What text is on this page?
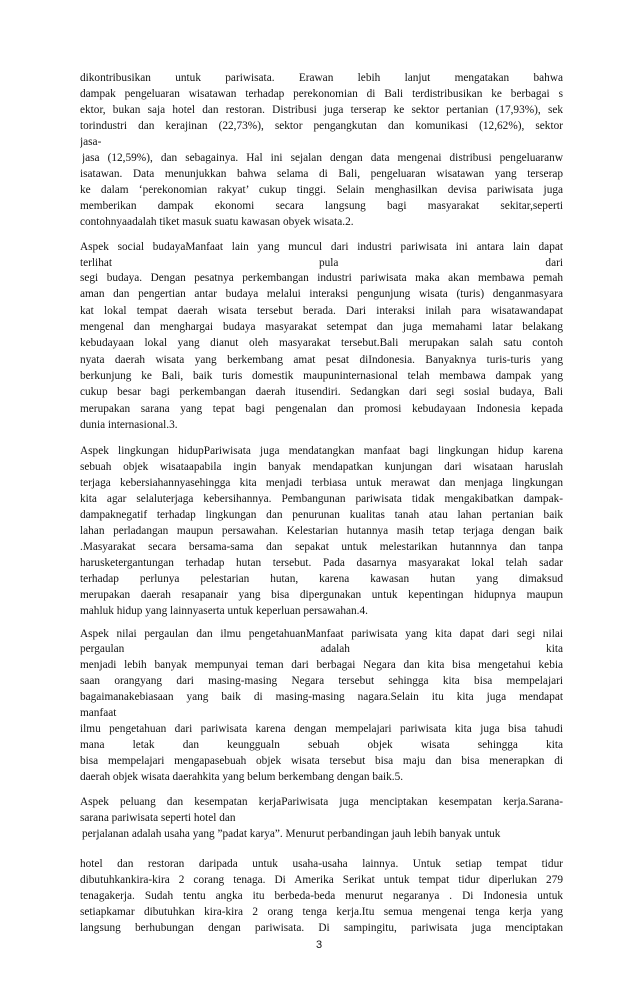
dikontribusikan untuk pariwisata. Erawan lebih lanjut mengatakan bahwa
dampak pengeluaran wisatawan terhadap perekonomian di Bali terdistribusikan ke berbagai s
ektor, bukan saja hotel dan restoran. Distribusi juga terserap ke sektor pertanian (17,93%), sek
torindustri dan kerajinan (22,73%), sektor pengangkutan dan komunikasi (12,62%), sektor
jasa-
jasa (12,59%), dan sebagainya. Hal ini sejalan dengan data mengenai distribusi pengeluaranw
isatawan. Data menunjukkan bahwa selama di Bali, pengeluaran wisatawan yang terserap
ke dalam ‘perekonomian rakyat’ cukup tinggi. Selain menghasilkan devisa pariwisata juga
memberikan dampak ekonomi secara langsung bagi masyarakat sekitar,seperti
contohnyaadalah tiket masuk suatu kawasan obyek wisata.2.
Aspek social budayaManfaat lain yang muncul dari industri pariwisata ini antara lain dapat
terlihat pula dari
segi budaya. Dengan pesatnya perkembangan industri pariwisata maka akan membawa pemah
aman dan pengertian antar budaya melalui interaksi pengunjung wisata (turis) denganmasyara
kat lokal tempat daerah wisata tersebut berada. Dari interaksi inilah para wisatawandapat
mengenal dan menghargai budaya masyarakat setempat dan juga memahami latar belakang
kebudayaan lokal yang dianut oleh masyarakat tersebut.Bali merupakan salah satu contoh
nyata daerah wisata yang berkembang amat pesat diIndonesia. Banyaknya turis-turis yang
berkunjung ke Bali, baik turis domestik maupuninternasional telah membawa dampak yang
cukup besar bagi perkembangan daerah itusendiri. Sedangkan dari segi sosial budaya, Bali
merupakan sarana yang tepat bagi pengenalan dan promosi kebudayaan Indonesia kepada
dunia internasional.3.
Aspek lingkungan hidupPariwisata juga mendatangkan manfaat bagi lingkungan hidup karena
sebuah objek wisataapabila ingin banyak mendapatkan kunjungan dari wisataan haruslah
terjaga kebersiahannyasehingga kita menjadi terbiasa untuk merawat dan menjaga lingkungan
kita agar selaluterjaga kebersihannya. Pembangunan pariwisata tidak mengakibatkan dampak-
dampaknegatif terhadap lingkungan dan penurunan kualitas tanah atau lahan pertanian baik
lahan perladangan maupun persawahan. Kelestarian hutannya masih tetap terjaga dengan baik
.Masyarakat secara bersama-sama dan sepakat untuk melestarikan hutannnya dan tanpa
harusketergantungan terhadap hutan tersebut. Pada dasarnya masyarakat lokal telah sadar
terhadap perlunya pelestarian hutan, karena kawasan hutan yang dimaksud
merupakan daerah resapanair yang bisa dipergunakan untuk kepentingan hidupnya maupun
mahluk hidup yang lainnyaserta untuk keperluan persawahan.4.
Aspek nilai pergaulan dan ilmu pengetahuanManfaat pariwisata yang kita dapat dari segi nilai
pergaulan adalah kita
menjadi lebih banyak mempunyai teman dari berbagai Negara dan kita bisa mengetahui kebia
saan orangyang dari masing-masing Negara tersebut sehingga kita bisa mempelajari
bagaimanakebiasaan yang baik di masing-masing nagara.Selain itu kita juga mendapat
manfaat
ilmu pengetahuan dari pariwisata karena dengan mempelajari pariwisata kita juga bisa tahudi
mana letak dan keunggualn sebuah objek wisata sehingga kita
bisa mempelajari mengapasebuah objek wisata tersebut bisa maju dan bisa menerapkan di
daerah objek wisata daerahkita yang belum berkembang dengan baik.5.
Aspek peluang dan kesempatan kerjaPariwisata juga menciptakan kesempatan kerja.Sarana-
sarana pariwisata seperti hotel dan
perjalanan adalah usaha yang ”padat karya”. Menurut perbandingan jauh lebih banyak untuk
hotel dan restoran daripada untuk usaha-usaha lainnya. Untuk setiap tempat tidur
dibutuhkankira-kira 2 corang tenaga. Di Amerika Serikat untuk tempat tidur diperlukan 279
tenagakerja. Sudah tentu angka itu berbeda-beda menurut negaranya . Di Indonesia untuk
setiapkamar dibutuhkan kira-kira 2 orang tenga kerja.Itu semua mengenai tenga kerja yang
langsung berhubungan dengan pariwisata. Di sampingitu, pariwisata juga menciptakan
3
